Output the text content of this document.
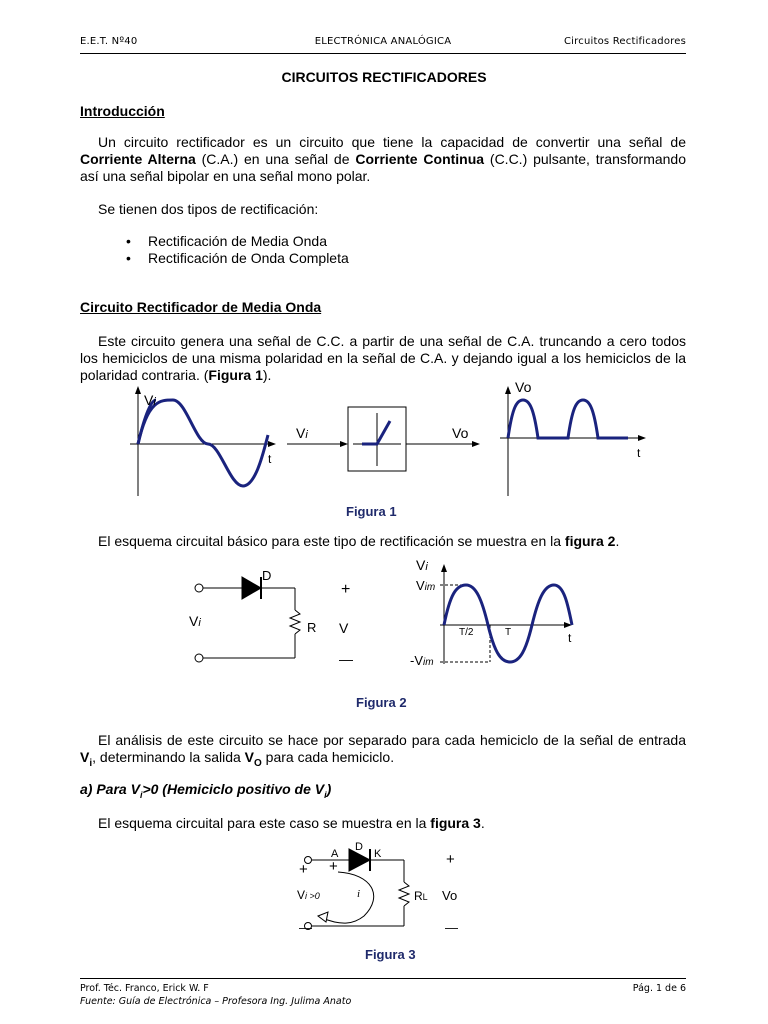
E.E.T. Nº40	ELECTRÓNICA ANALÓGICA	Circuitos Rectificadores
CIRCUITOS RECTIFICADORES
Introducción
Un circuito rectificador es un circuito que tiene la capacidad de convertir una señal de Corriente Alterna (C.A.) en una señal de Corriente Continua (C.C.) pulsante, transformando así una señal bipolar en una señal mono polar.
Se tienen dos tipos de rectificación:
• Rectificación de Media Onda
• Rectificación de Onda Completa
Circuito Rectificador de Media Onda
Este circuito genera una señal de C.C. a partir de una señal de C.A. truncando a cero todos los hemiciclos de una misma polaridad en la señal de C.A. y dejando igual a los hemiciclos de la polaridad contraria. (Figura 1).
Vi
t
Vi	Vo
Vo
t
Figura 1
El esquema circuital básico para este tipo de rectificación se muestra en la figura 2.
D
R
Vi
+
V
—
Vi
Vim
-Vim
T/2	T	t
Figura 2
El análisis de este circuito se hace por separado para cada hemiciclo de la señal de entrada $V_i$, determinando la salida $V_O$ para cada hemiciclo.
a) Para $V_i>0$ (Hemiciclo positivo de $V_i$)
El esquema circuital para este caso se muestra en la figura 3.
D
A	K
+ +
Vi >0	i	RL
—
+
Vo
—
Figura 3
Prof. Téc. Franco, Erick W. F
Fuente: Guía de Electrónica – Profesora Ing. Julima Anato
Pág. 1 de 6
